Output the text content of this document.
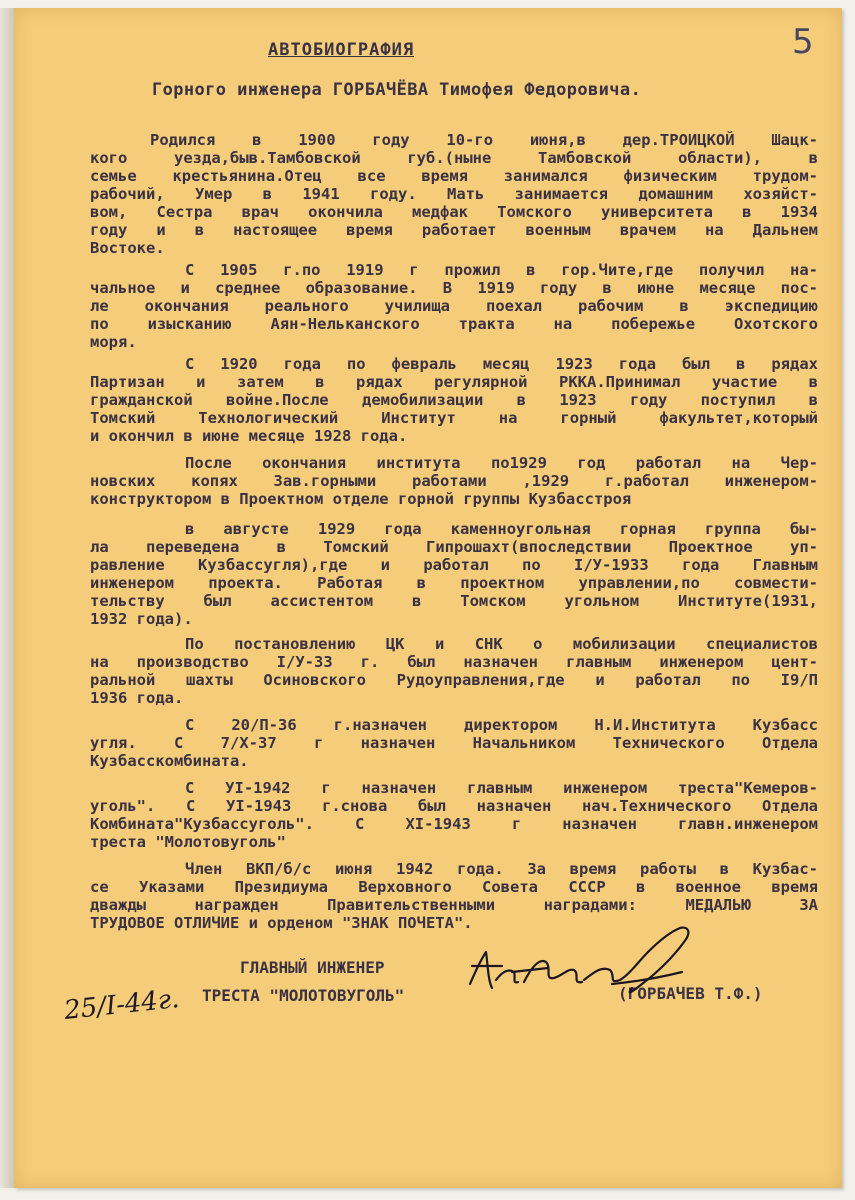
5

АВТОБИОГРАФИЯ

Горного инженера ГОРБАЧЁВА Тимофея Федоровича.

Родился в 1900 году 10-го июня,в дер.ТРОИЦКОЙ Шацк-

кого уезда,быв.Тамбовской губ.(ныне Тамбовской области), в

семье крестьянина.Отец все время занимался физическим трудом-

рабочий, Умер в 1941 году. Мать занимается домашним хозяйст-

вом, Сестра врач окончила медфак Томского университета в 1934

году и в настоящее время работает военным врачем на Дальнем

Востоке.

С 1905 г.по 1919 г прожил в гор.Чите,где получил на-

чальное и среднее образование. В 1919 году в июне месяце пос-

ле окончания реального училища поехал рабочим в экспедицию

по изысканию Аян-Нельканского тракта на побережье Охотского

моря.

С 1920 года по февраль месяц 1923 года был в рядах

Партизан и затем в рядах регулярной РККА.Принимал участие в

гражданской войне.После демобилизации в 1923 году поступил в

Томский Технологический Институт на горный факультет,который

и окончил в июне месяце 1928 года.

После окончания института по1929 год работал на Чер-

новских копях Зав.горными работами ,1929 г.работал инженером-

конструктором в Проектном отделе горной группы Кузбасстроя

в августе 1929 года каменноугольная горная группа бы-

ла переведена в Томский Гипрошахт(впоследствии Проектное уп-

равление Кузбассугля),где и работал по I/У-1933 года Главным

инженером проекта. Работая в проектном управлении,по совмести-

тельству был ассистентом в Томском угольном Институте(1931,

1932 года).

По постановлению ЦК и СНК о мобилизации специалистов

на производство I/У-33 г. был назначен главным инженером цент-

ральной шахты Осиновского Рудоуправления,где и работал по I9/П

1936 года.

С 20/П-36 г.назначен директором Н.И.Института Кузбасс

угля. С 7/Х-37 г назначен Начальником Технического Отдела

Кузбасскомбината.

С УI-1942 г назначен главным инженером треста"Кемеров-

уголь". С УI-1943 г.снова был назначен нач.Технического Отдела

Комбината"Кузбассуголь". С ХI-1943 г назначен главн.инженером

треста "Молотовуголь"

Член ВКП/б/с июня 1942 года. За время работы в Кузбас-

се Указами Президиума Верховного Совета СССР в военное время

дважды награжден Правительственными наградами: МЕДАЛЬЮ ЗА

ТРУДОВОЕ ОТЛИЧИЕ и орденом "ЗНАК ПОЧЕТА".

ГЛАВНЫЙ ИНЖЕНЕР

ТРЕСТА "МОЛОТОВУГОЛЬ"	(ГОРБАЧЕВ Т.Ф.)

25/I-44г.
